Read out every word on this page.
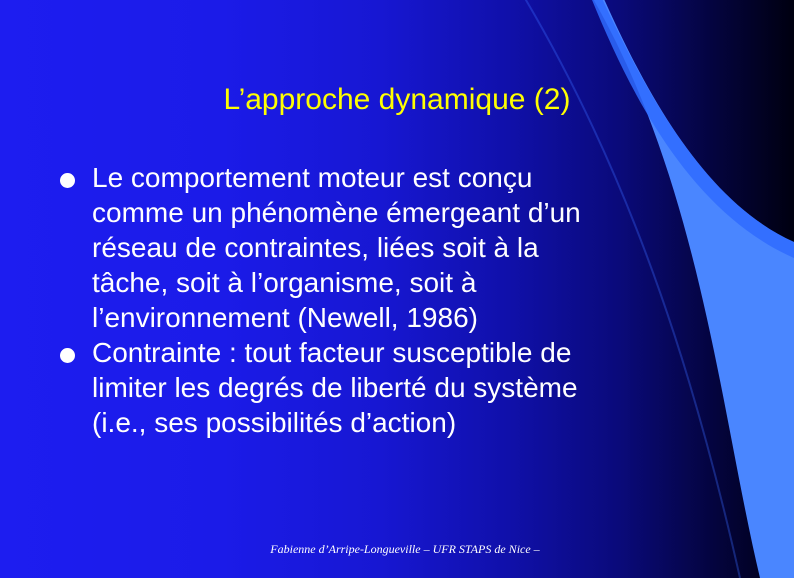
L’approche dynamique (2)
Le comportement moteur est conçu
comme un phénomène émergeant d’un
réseau de contraintes, liées soit à la
tâche, soit à l’organisme, soit à
l’environnement (Newell, 1986)
Contrainte : tout facteur susceptible de
limiter les degrés de liberté du système
(i.e., ses possibilités d’action)
Fabienne d’Arripe-Longueville – UFR STAPS de Nice –
